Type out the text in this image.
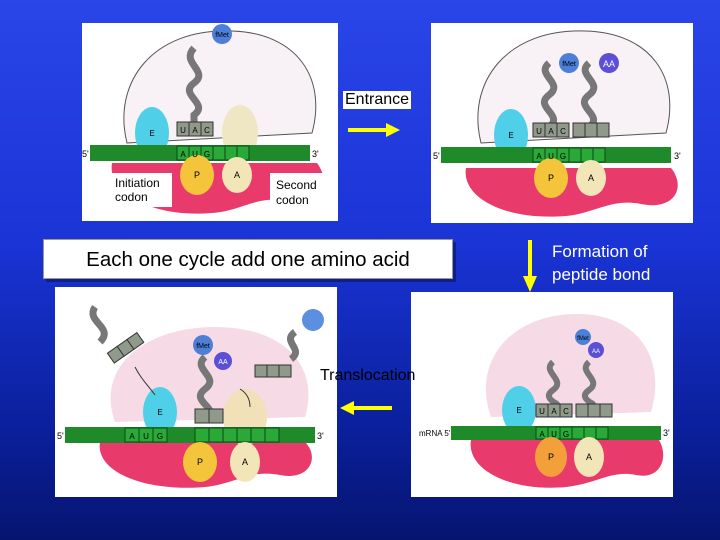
fMet
E	U A C
A U G
P	A
5'	3'
Initiation
codon
Second
codon
Entrance
fMet	AA
E	U A C
A U G
P	A
5'	3'
fMet
AA
E
A U G
P	A
5'	3'
fMet
AA
E U A C
A U G
P	A
mRNA 5'	3'
Translocation
Each one cycle add one amino acid	Formation of
peptide bond
